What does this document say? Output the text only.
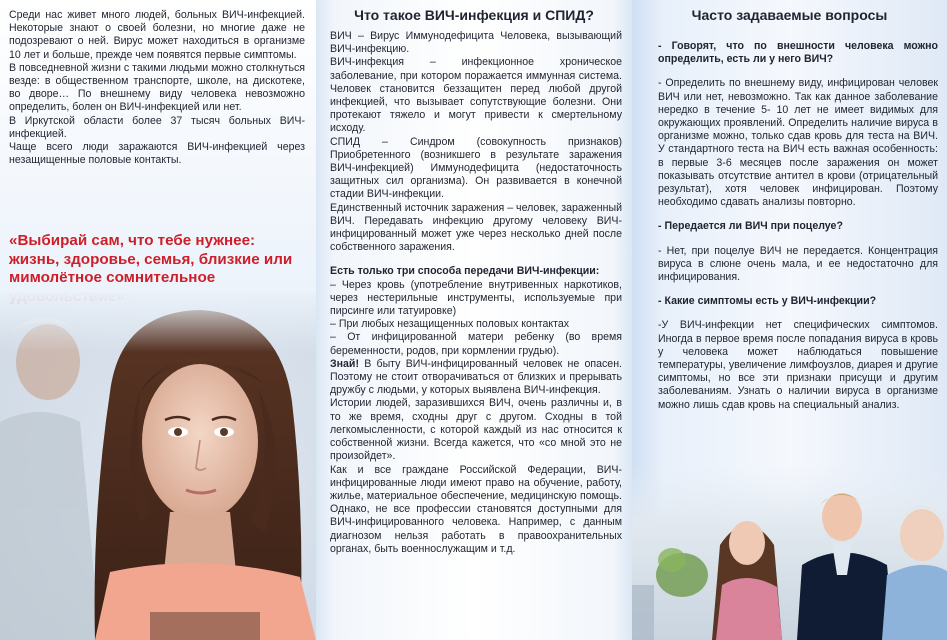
Среди нас живет много людей, больных ВИЧ-инфекцией. Некоторые знают о своей болезни, но многие даже не подозревают о ней. Вирус может находиться в организме 10 лет и больше, прежде чем появятся первые симптомы.

В повседневной жизни с такими людьми можно столкнуться везде: в общественном транспорте, школе, на дискотеке, во дворе… По внешнему виду человека невозможно определить, болен он ВИЧ-инфекцией или нет.

В Иркутской области более 37 тысяч больных ВИЧ-инфекцией.

Чаще всего люди заражаются ВИЧ-инфекцией через незащищенные половые контакты.

«Выбирай сам, что тебе нужнее: жизнь, здоровье, семья, близкие или мимолётное сомнительное

Что такое ВИЧ-инфекция и СПИД?

ВИЧ – Вирус Иммунодефицита Человека, вызывающий ВИЧ-инфекцию.

ВИЧ-инфекция – инфекционное хроническое заболевание, при котором поражается иммунная система. Человек становится беззащитен перед любой другой инфекцией, что вызывает сопутствующие болезни. Они протекают тяжело и могут привести к смертельному исходу.

СПИД – Синдром (совокупность признаков) Приобретенного (возникшего в результате заражения ВИЧ-инфекцией) Иммунодефицита (недостаточность защитных сил организма). Он развивается в конечной стадии ВИЧ-инфекции.

Единственный источник заражения – человек, зараженный ВИЧ. Передавать инфекцию другому человеку ВИЧ-инфицированный может уже через несколько дней после собственного заражения.

Есть только три способа передачи ВИЧ-инфекции:

– Через кровь (употребление внутривенных наркотиков, через нестерильные инструменты, используемые при пирсинге или татуировке)

– При любых незащищенных половых контактах

– От инфицированной матери ребенку (во время беременности, родов, при кормлении грудью).

Знай! В быту ВИЧ-инфицированный человек не опасен. Поэтому не стоит отворачиваться от близких и прерывать дружбу с людьми, у которых выявлена ВИЧ-инфекция.

Истории людей, заразившихся ВИЧ, очень различны и, в то же время, сходны друг с другом. Сходны в той легкомысленности, с которой каждый из нас относится к собственной жизни. Всегда кажется, что «со мной это не произойдет».

Как и все граждане Российской Федерации, ВИЧ-инфицированные люди имеют право на обучение, работу, жилье, материальное обеспечение, медицинскую помощь. Однако, не все профессии становятся доступными для ВИЧ-инфицированного человека. Например, с данным диагнозом нельзя работать в правоохранительных органах, быть военнослужащим и т.д.

Часто задаваемые вопросы

- Говорят, что по внешности человека можно определить, есть ли у него ВИЧ?

- Определить по внешнему виду, инфицирован человек ВИЧ или нет, невозможно. Так как данное заболевание нередко в течение 5- 10 лет не имеет видимых для окружающих проявлений. Определить наличие вируса в организме можно, только сдав кровь для теста на ВИЧ. У стандартного теста на ВИЧ есть важная особенность: в первые 3-6 месяцев после заражения он может показывать отсутствие антител в крови (отрицательный результат), хотя человек инфицирован. Поэтому необходимо сдавать анализы повторно.

- Передается ли ВИЧ при поцелуе?

- Нет, при поцелуе ВИЧ не передается. Концентрация вируса в слюне очень мала, и ее недостаточно для инфицирования.

- Какие симптомы есть у ВИЧ-инфекции?

-У ВИЧ-инфекции нет специфических симптомов. Иногда в первое время после попадания вируса в кровь у человека может наблюдаться повышение температуры, увеличение лимфоузлов, диарея и другие симптомы, но все эти признаки присущи и другим заболеваниям. Узнать о наличии вируса в организме можно лишь сдав кровь на специальный анализ.
